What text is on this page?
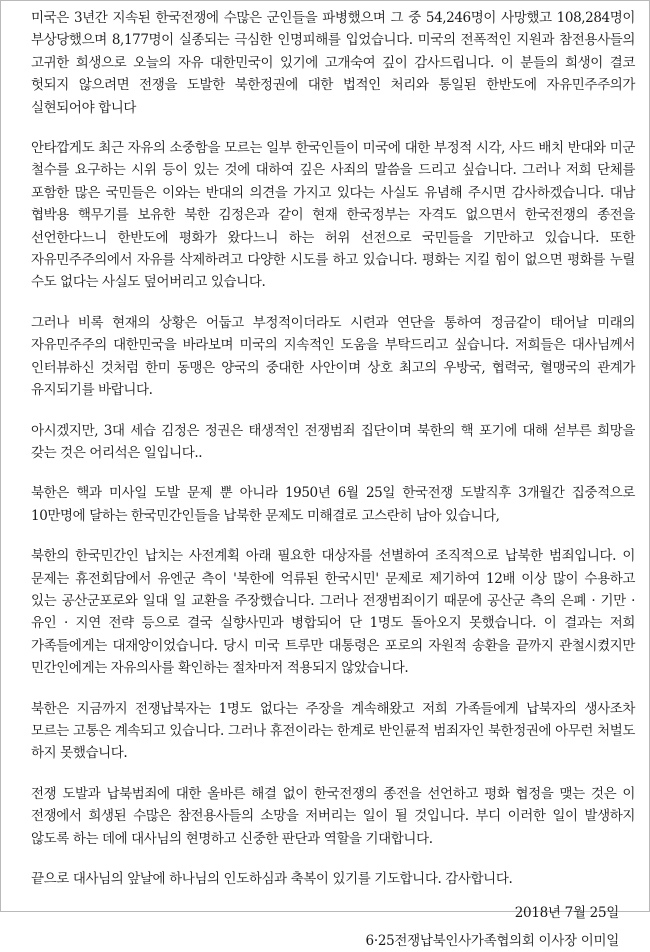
미국은 3년간 지속된 한국전쟁에 수많은 군인들을 파병했으며 그 중 54,246명이 사망했고 108,284명이 부상당했으며 8,177명이 실종되는 극심한 인명피해를 입었습니다. 미국의 전폭적인 지원과 참전용사들의 고귀한 희생으로 오늘의 자유 대한민국이 있기에 고개숙여 깊이 감사드립니다. 이 분들의 희생이 결코 헛되지 않으려면 전쟁을 도발한 북한정권에 대한 법적인 처리와 통일된 한반도에 자유민주주의가 실현되어야 합니다

안타깝게도 최근 자유의 소중함을 모르는 일부 한국인들이 미국에 대한 부정적 시각, 사드 배치 반대와 미군 철수를 요구하는 시위 등이 있는 것에 대하여 깊은 사죄의 말씀을 드리고 싶습니다. 그러나 저희 단체를 포함한 많은 국민들은 이와는 반대의 의견을 가지고 있다는 사실도 유념해 주시면 감사하겠습니다. 대남 협박용 핵무기를 보유한 북한 김정은과 같이 현재 한국정부는 자격도 없으면서 한국전쟁의 종전을 선언한다느니 한반도에 평화가 왔다느니 하는 허위 선전으로 국민들을 기만하고 있습니다. 또한 자유민주주의에서 자유를 삭제하려고 다양한 시도를 하고 있습니다. 평화는 지킬 힘이 없으면 평화를 누릴 수도 없다는 사실도 덮어버리고 있습니다.

그러나 비록 현재의 상황은 어둡고 부정적이더라도 시련과 연단을 통하여 정금같이 태어날 미래의 자유민주주의 대한민국을 바라보며 미국의 지속적인 도움을 부탁드리고 싶습니다. 저희들은 대사님께서 인터뷰하신 것처럼 한미 동맹은 양국의 중대한 사안이며 상호 최고의 우방국, 협력국, 혈맹국의 관계가 유지되기를 바랍니다.

아시겠지만, 3대 세습 김정은 정권은 태생적인 전쟁범죄 집단이며 북한의 핵 포기에 대해 섣부른 희망을 갖는 것은 어리석은 일입니다..

북한은 핵과 미사일 도발 문제 뿐 아니라 1950년 6월 25일 한국전쟁 도발직후 3개월간 집중적으로 10만명에 달하는 한국민간인들을 납북한 문제도 미해결로 고스란히 남아 있습니다,

북한의 한국민간인 납치는 사전계획 아래 필요한 대상자를 선별하여 조직적으로 납북한 범죄입니다. 이 문제는 휴전회담에서 유엔군 측이 '북한에 억류된 한국시민' 문제로 제기하여 12배 이상 많이 수용하고 있는 공산군포로와 일대 일 교환을 주장했습니다. 그러나 전쟁범죄이기 때문에 공산군 측의 은폐 · 기만 · 유인 · 지연 전략 등으로 결국 실향사민과 병합되어 단 1명도 돌아오지 못했습니다. 이 결과는 저희 가족들에게는 대재앙이었습니다. 당시 미국 트루만 대통령은 포로의 자원적 송환을 끝까지 관철시켰지만 민간인에게는 자유의사를 확인하는 절차마저 적용되지 않았습니다.

북한은 지금까지 전쟁납북자는 1명도 없다는 주장을 계속해왔고 저희 가족들에게 납북자의 생사조차 모르는 고통은 계속되고 있습니다. 그러나 휴전이라는 한계로 반인륜적 범죄자인 북한정권에 아무런 처벌도 하지 못했습니다.

전쟁 도발과 납북범죄에 대한 올바른 해결 없이 한국전쟁의 종전을 선언하고 평화 협정을 맺는 것은 이 전쟁에서 희생된 수많은 참전용사들의 소망을 저버리는 일이 될 것입니다. 부디 이러한 일이 발생하지 않도록 하는 데에 대사님의 현명하고 신중한 판단과 역할을 기대합니다.

끝으로 대사님의 앞날에 하나님의 인도하심과 축복이 있기를 기도합니다. 감사합니다.

2018년 7월 25일
6·25전쟁납북인사가족협의회 이사장 이미일
